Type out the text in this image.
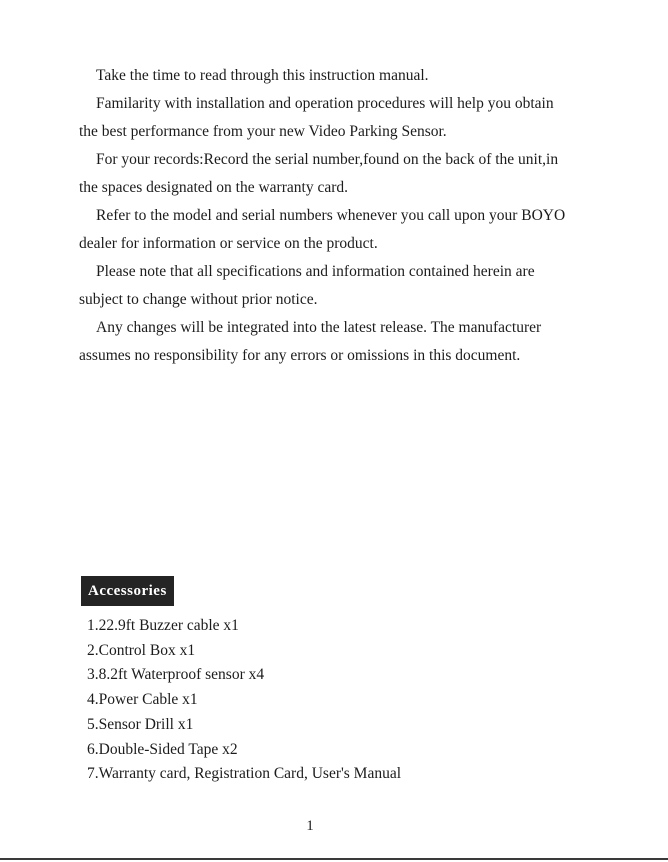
Take the time to read through this instruction manual.

Familarity with installation and operation procedures will help you obtain the best performance from your new Video Parking Sensor.

For your records:Record the serial number,found on the back of the unit,in the spaces designated on the warranty card.

Refer to the model and serial numbers whenever you call upon your BOYO dealer for information or service on the product.

Please note that all specifications and information contained herein are subject to change without prior notice.

Any changes will be integrated into the latest release. The manufacturer assumes no responsibility for any errors or omissions in this document.

Accessories
1.22.9ft Buzzer cable x1
2.Control Box x1
3.8.2ft Waterproof sensor x4
4.Power Cable x1
5.Sensor Drill x1
6.Double-Sided Tape x2
7.Warranty card, Registration Card, User's Manual
1
